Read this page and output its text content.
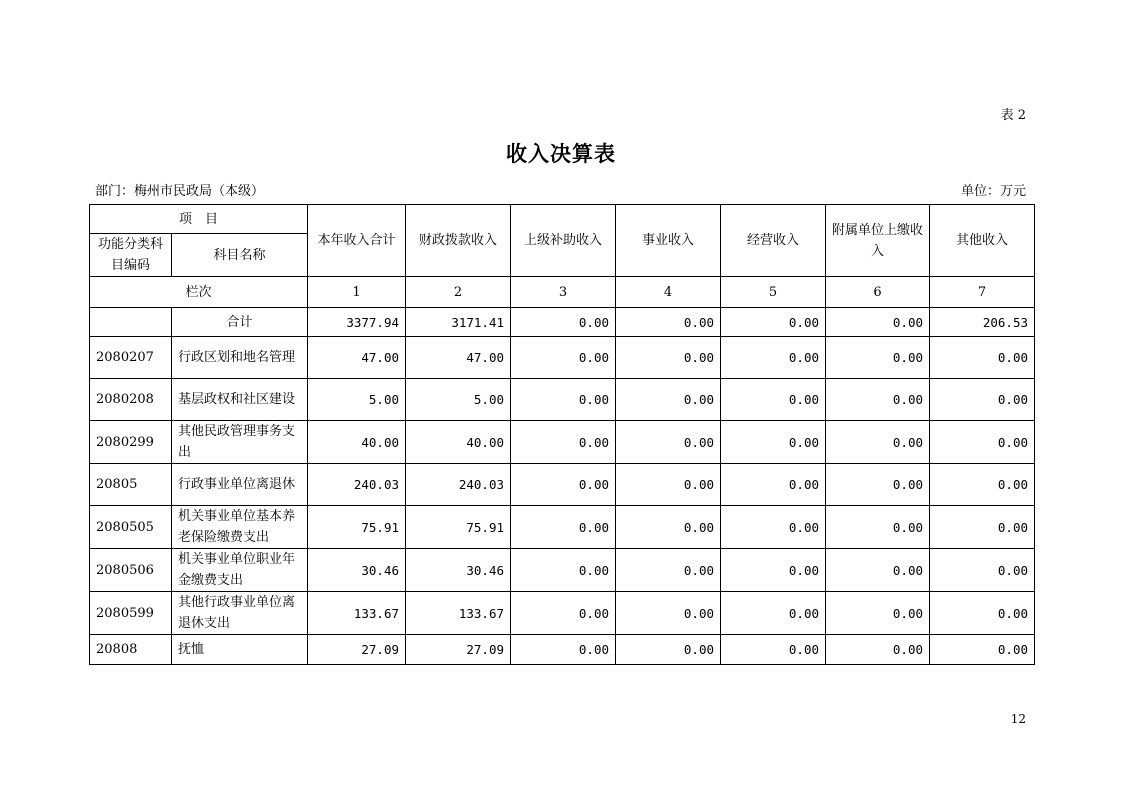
表 2
收入决算表
部门：梅州市民政局（本级）	单位：万元
项　目		本年收入合计	财政拨款收入	上级补助收入	事业收入	经营收入	附属单位上缴收入	其他收入
功能分类科目编码	科目名称							
栏次		1	2	3	4	5	6	7
	合计	3377.94	3171.41	0.00	0.00	0.00	0.00	206.53
2080207	行政区划和地名管理	47.00	47.00	0.00	0.00	0.00	0.00	0.00
2080208	基层政权和社区建设	5.00	5.00	0.00	0.00	0.00	0.00	0.00
2080299	其他民政管理事务支出	40.00	40.00	0.00	0.00	0.00	0.00	0.00
20805	行政事业单位离退休	240.03	240.03	0.00	0.00	0.00	0.00	0.00
2080505	机关事业单位基本养老保险缴费支出	75.91	75.91	0.00	0.00	0.00	0.00	0.00
2080506	机关事业单位职业年金缴费支出	30.46	30.46	0.00	0.00	0.00	0.00	0.00
2080599	其他行政事业单位离退休支出	133.67	133.67	0.00	0.00	0.00	0.00	0.00
20808	抚恤	27.09	27.09	0.00	0.00	0.00	0.00	0.00
12
